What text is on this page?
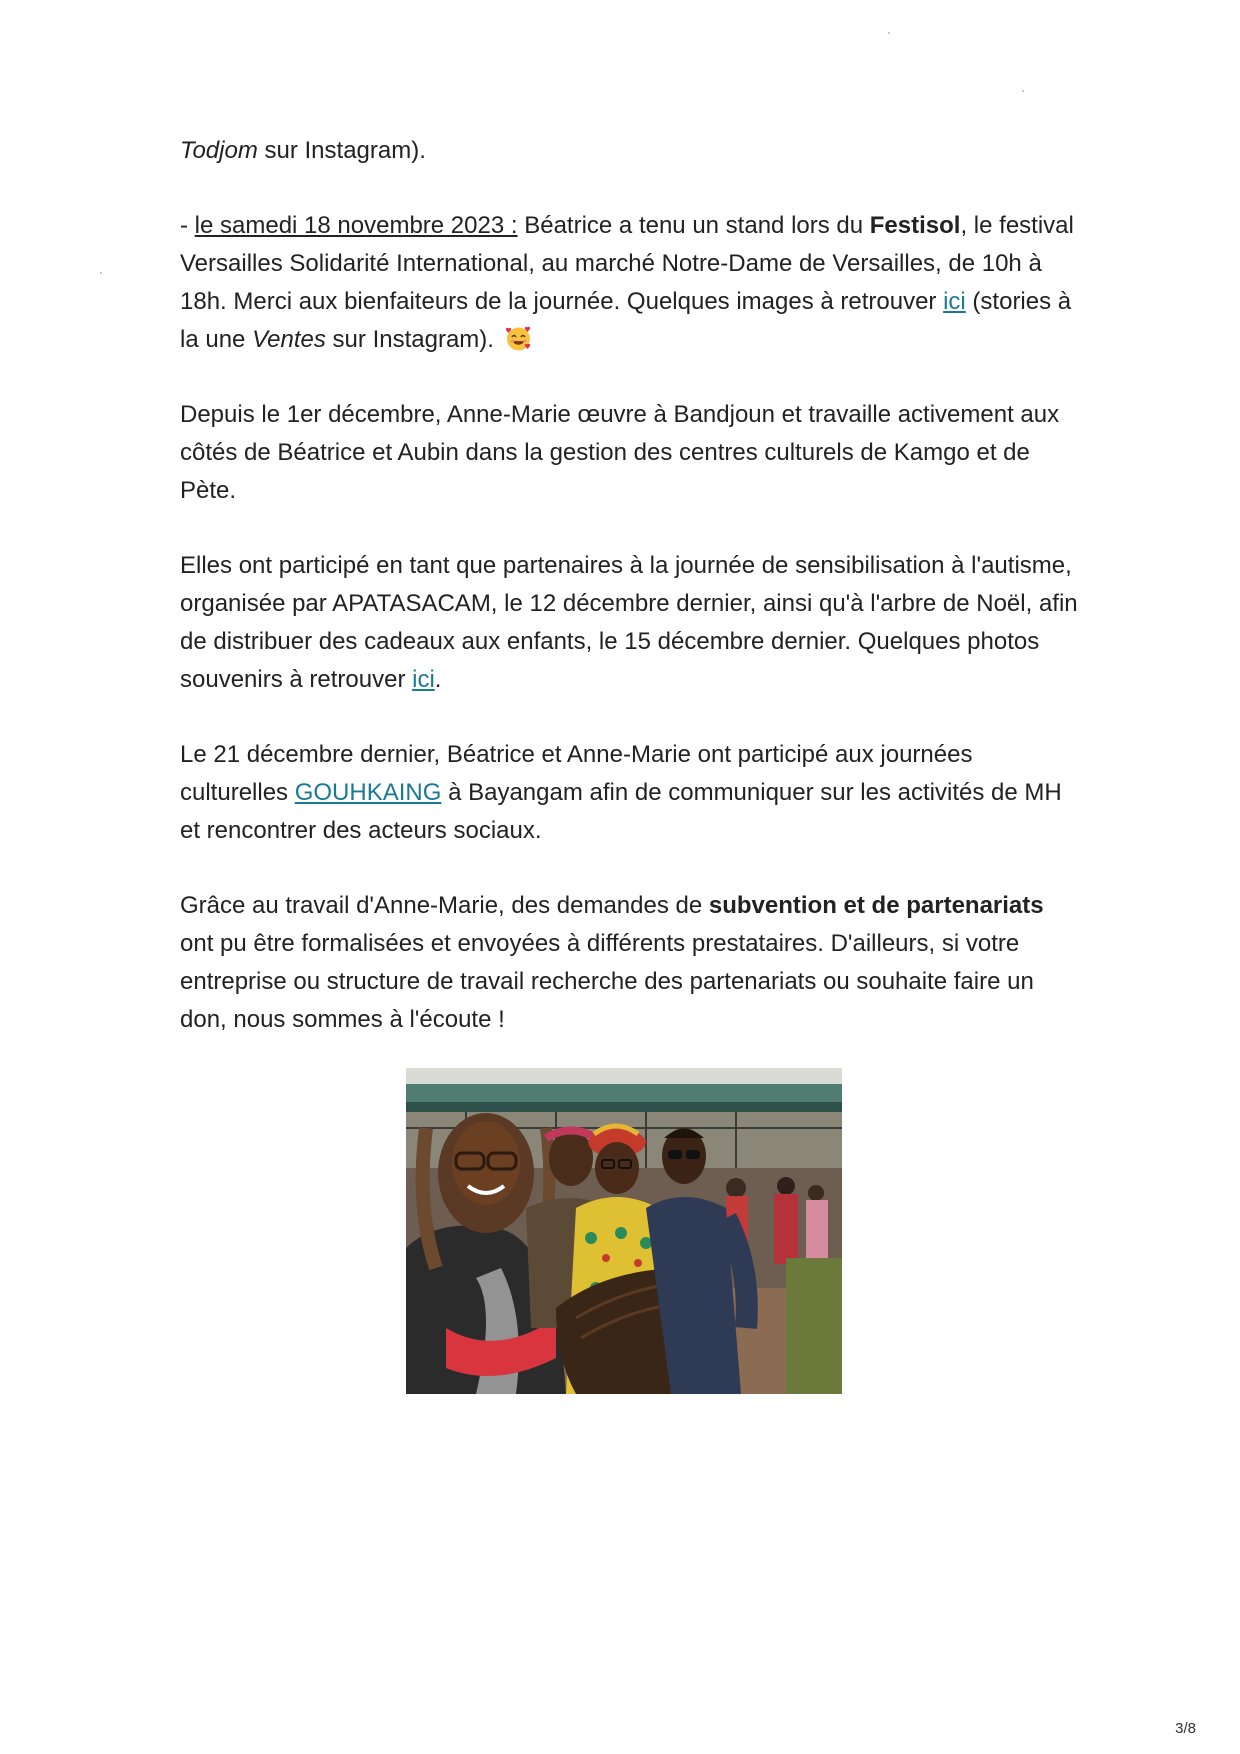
Todjom sur Instagram).

- le samedi 18 novembre 2023 : Béatrice a tenu un stand lors du Festisol, le festival Versailles Solidarité International, au marché Notre-Dame de Versailles, de 10h à 18h. Merci aux bienfaiteurs de la journée. Quelques images à retrouver ici (stories à la une Ventes sur Instagram).

Depuis le 1er décembre, Anne-Marie œuvre à Bandjoun et travaille activement aux côtés de Béatrice et Aubin dans la gestion des centres culturels de Kamgo et de Pète.

Elles ont participé en tant que partenaires à la journée de sensibilisation à l'autisme, organisée par APATASACAM, le 12 décembre dernier, ainsi qu'à l'arbre de Noël, afin de distribuer des cadeaux aux enfants, le 15 décembre dernier. Quelques photos souvenirs à retrouver ici.

Le 21 décembre dernier, Béatrice et Anne-Marie ont participé aux journées culturelles GOUHKAING à Bayangam afin de communiquer sur les activités de MH et rencontrer des acteurs sociaux.

Grâce au travail d'Anne-Marie, des demandes de subvention et de partenariats ont pu être formalisées et envoyées à différents prestataires. D'ailleurs, si votre entreprise ou structure de travail recherche des partenariats ou souhaite faire un don, nous sommes à l'écoute !

3/8
